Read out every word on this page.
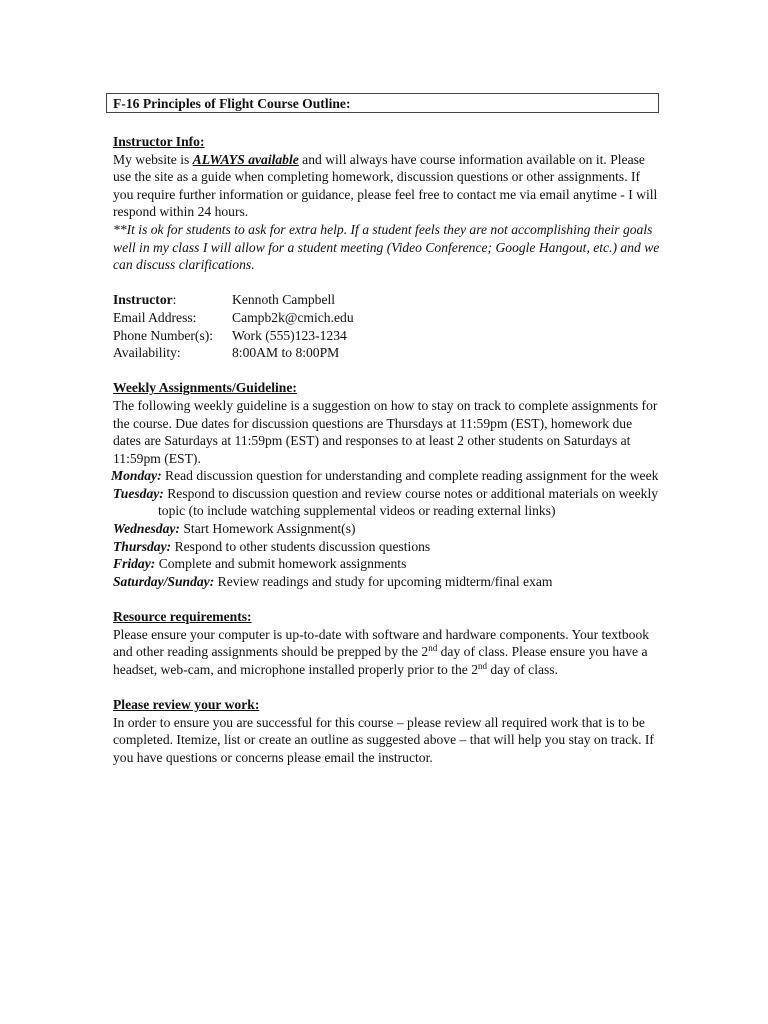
F-16 Principles of Flight Course Outline:
Instructor Info:

My website is ALWAYS available and will always have course information available on it. Please use the site as a guide when completing homework, discussion questions or other assignments. If you require further information or guidance, please feel free to contact me via email anytime - I will respond within 24 hours.

**It is ok for students to ask for extra help. If a student feels they are not accomplishing their goals well in my class I will allow for a student meeting (Video Conference; Google Hangout, etc.) and we can discuss clarifications.

Instructor:	Kennoth Campbell
Email Address:	Campb2k@cmich.edu
Phone Number(s):	Work (555)123-1234
Availability:	8:00AM to 8:00PM
Weekly Assignments/Guideline:

The following weekly guideline is a suggestion on how to stay on track to complete assignments for the course. Due dates for discussion questions are Thursdays at 11:59pm (EST), homework due dates are Saturdays at 11:59pm (EST) and responses to at least 2 other students on Saturdays at 11:59pm (EST).

Monday: Read discussion question for understanding and complete reading assignment for the week
Tuesday: Respond to discussion question and review course notes or additional materials on weekly topic (to include watching supplemental videos or reading external links)
Wednesday: Start Homework Assignment(s)
Thursday: Respond to other students discussion questions
Friday: Complete and submit homework assignments
Saturday/Sunday: Review readings and study for upcoming midterm/final exam
Resource requirements:

Please ensure your computer is up-to-date with software and hardware components. Your textbook and other reading assignments should be prepped by the 2nd day of class. Please ensure you have a headset, web-cam, and microphone installed properly prior to the 2nd day of class.

Please review your work:

In order to ensure you are successful for this course – please review all required work that is to be completed. Itemize, list or create an outline as suggested above – that will help you stay on track. If you have questions or concerns please email the instructor.
